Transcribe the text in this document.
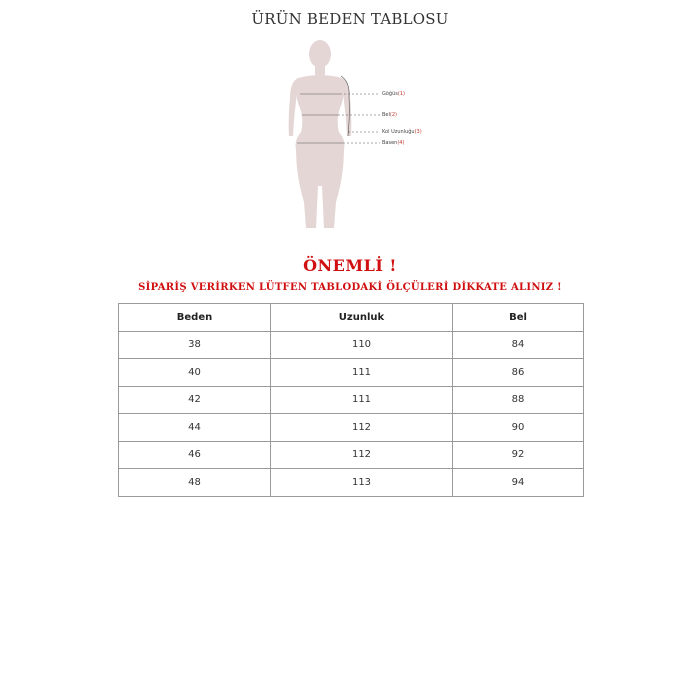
ÜRÜN BEDEN TABLOSU
Göğüs(1)
Bel(2)
Kol Uzunluğu(3)
Basen(4)
ÖNEMLİ !
SİPARİŞ VERİRKEN LÜTFEN TABLODAKİ ÖLÇÜLERİ DİKKATE ALINIZ !
Beden	Uzunluk	Bel
38	110	84
40	111	86
42	111	88
44	112	90
46	112	92
48	113	94
